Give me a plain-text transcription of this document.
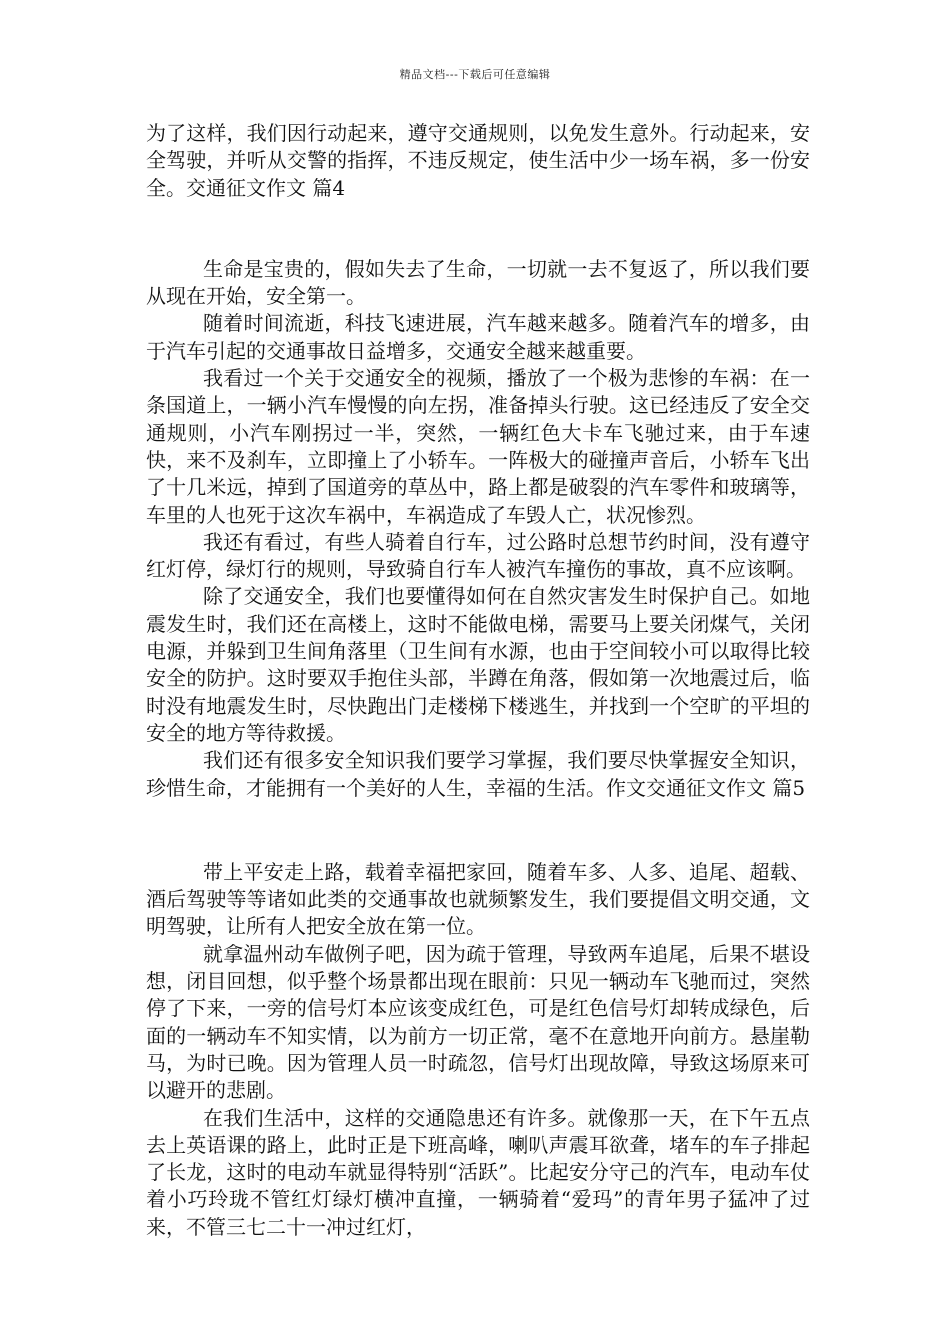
精品文档---下载后可任意编辑

为了这样，我们因行动起来，遵守交通规则，以免发生意外。行动起来，安全驾驶，并听从交警的指挥，不违反规定，使生活中少一场车祸，多一份安全。交通征文作文 篇4

生命是宝贵的，假如失去了生命，一切就一去不复返了，所以我们要从现在开始，安全第一。

随着时间流逝，科技飞速进展，汽车越来越多。随着汽车的增多，由于汽车引起的交通事故日益增多，交通安全越来越重要。

我看过一个关于交通安全的视频，播放了一个极为悲惨的车祸：在一条国道上，一辆小汽车慢慢的向左拐，准备掉头行驶。这已经违反了安全交通规则，小汽车刚拐过一半，突然，一辆红色大卡车飞驰过来，由于车速快，来不及刹车，立即撞上了小轿车。一阵极大的碰撞声音后，小轿车飞出了十几米远，掉到了国道旁的草丛中，路上都是破裂的汽车零件和玻璃等，车里的人也死于这次车祸中，车祸造成了车毁人亡，状况惨烈。

我还有看过，有些人骑着自行车，过公路时总想节约时间，没有遵守红灯停，绿灯行的规则，导致骑自行车人被汽车撞伤的事故，真不应该啊。

除了交通安全，我们也要懂得如何在自然灾害发生时保护自己。如地震发生时，我们还在高楼上，这时不能做电梯，需要马上要关闭煤气，关闭电源，并躲到卫生间角落里（卫生间有水源，也由于空间较小可以取得比较安全的防护。这时要双手抱住头部，半蹲在角落，假如第一次地震过后，临时没有地震发生时，尽快跑出门走楼梯下楼逃生，并找到一个空旷的平坦的安全的地方等待救援。

我们还有很多安全知识我们要学习掌握，我们要尽快掌握安全知识，珍惜生命，才能拥有一个美好的人生，幸福的生活。作文交通征文作文 篇5

带上平安走上路，载着幸福把家回，随着车多、人多、追尾、超载、酒后驾驶等等诸如此类的交通事故也就频繁发生，我们要提倡文明交通，文明驾驶，让所有人把安全放在第一位。

就拿温州动车做例子吧，因为疏于管理，导致两车追尾，后果不堪设想，闭目回想，似乎整个场景都出现在眼前：只见一辆动车飞驰而过，突然停了下来，一旁的信号灯本应该变成红色，可是红色信号灯却转成绿色，后面的一辆动车不知实情，以为前方一切正常，毫不在意地开向前方。悬崖勒马，为时已晚。因为管理人员一时疏忽，信号灯出现故障，导致这场原来可以避开的悲剧。

在我们生活中，这样的交通隐患还有许多。就像那一天，在下午五点去上英语课的路上，此时正是下班高峰，喇叭声震耳欲聋，堵车的车子排起了长龙，这时的电动车就显得特别“活跃”。比起安分守己的汽车，电动车仗着小巧玲珑不管红灯绿灯横冲直撞，一辆骑着“爱玛”的青年男子猛冲了过来，不管三七二十一冲过红灯，
